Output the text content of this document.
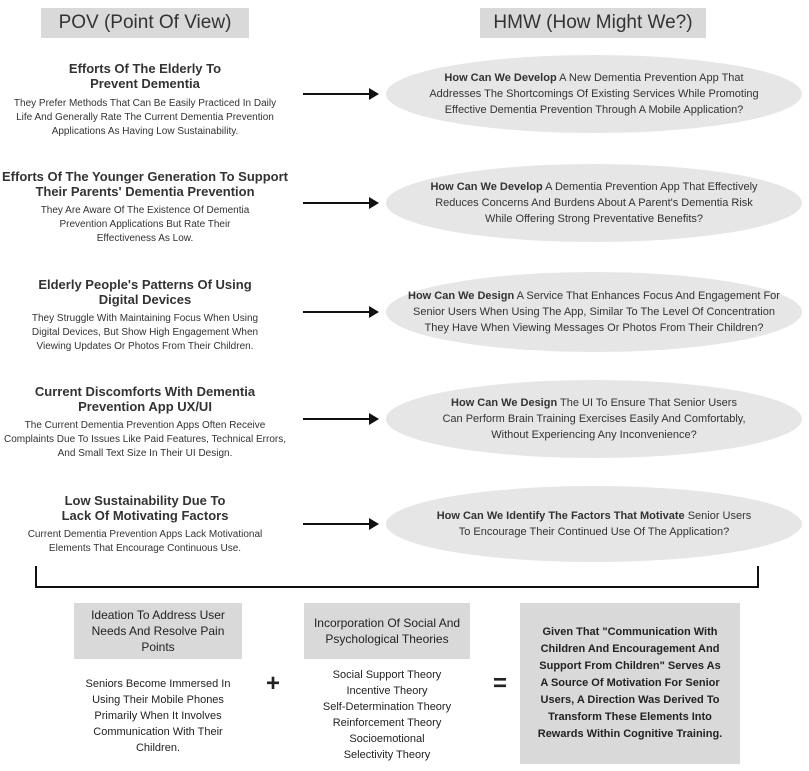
POV (Point Of View)	HMW (How Might We?)
Efforts Of The Elderly To
Prevent Dementia
They Prefer Methods That Can Be Easily Practiced In Daily Life And Generally Rate The Current Dementia Prevention Applications As Having Low Sustainability.
How Can We Develop A New Dementia Prevention App That Addresses The Shortcomings Of Existing Services While Promoting Effective Dementia Prevention Through A Mobile Application?
Efforts Of The Younger Generation To Support
Their Parents' Dementia Prevention
They Are Aware Of The Existence Of Dementia Prevention Applications But Rate Their Effectiveness As Low.
How Can We Develop A Dementia Prevention App That Effectively Reduces Concerns And Burdens About A Parent's Dementia Risk While Offering Strong Preventative Benefits?
Elderly People's Patterns Of Using
Digital Devices
They Struggle With Maintaining Focus When Using Digital Devices, But Show High Engagement When Viewing Updates Or Photos From Their Children.
How Can We Design A Service That Enhances Focus And Engagement For Senior Users When Using The App, Similar To The Level Of Concentration They Have When Viewing Messages Or Photos From Their Children?
Current Discomforts With Dementia
Prevention App UX/UI
The Current Dementia Prevention Apps Often Receive Complaints Due To Issues Like Paid Features, Technical Errors, And Small Text Size In Their UI Design.
How Can We Design The UI To Ensure That Senior Users Can Perform Brain Training Exercises Easily And Comfortably, Without Experiencing Any Inconvenience?
Low Sustainability Due To
Lack Of Motivating Factors
Current Dementia Prevention Apps Lack Motivational Elements That Encourage Continuous Use.
How Can We Identify The Factors That Motivate Senior Users To Encourage Their Continued Use Of The Application?
Ideation To Address User Needs And Resolve Pain Points
Seniors Become Immersed In Using Their Mobile Phones Primarily When It Involves Communication With Their Children.
+
Incorporation Of Social And Psychological Theories
Social Support Theory
Incentive Theory
Self-Determination Theory
Reinforcement Theory
Socioemotional Selectivity Theory
=
Given That "Communication With Children And Encouragement And Support From Children" Serves As A Source Of Motivation For Senior Users, A Direction Was Derived To Transform These Elements Into Rewards Within Cognitive Training.
